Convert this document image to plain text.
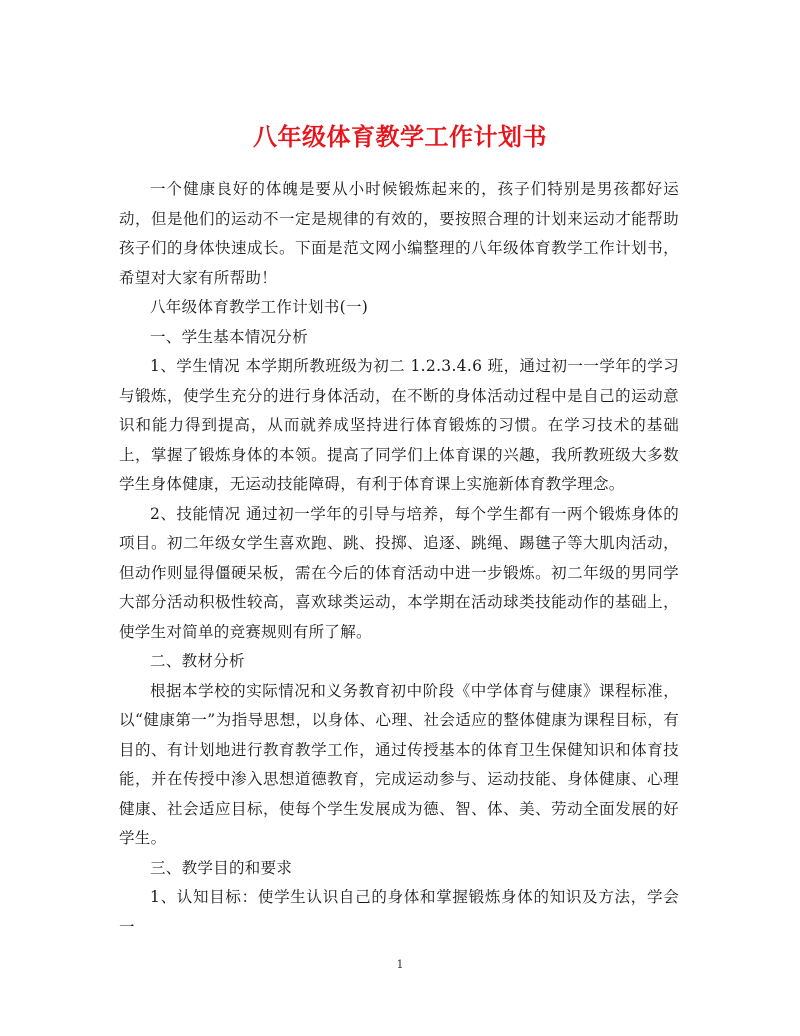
八年级体育教学工作计划书

一个健康良好的体魄是要从小时候锻炼起来的，孩子们特别是男孩都好运动，但是他们的运动不一定是规律的有效的，要按照合理的计划来运动才能帮助孩子们的身体快速成长。下面是范文网小编整理的八年级体育教学工作计划书，希望对大家有所帮助！

八年级体育教学工作计划书(一)

一、学生基本情况分析

1、学生情况 本学期所教班级为初二 1.2.3.4.6 班，通过初一一学年的学习与锻炼，使学生充分的进行身体活动，在不断的身体活动过程中是自己的运动意识和能力得到提高，从而就养成坚持进行体育锻炼的习惯。在学习技术的基础上，掌握了锻炼身体的本领。提高了同学们上体育课的兴趣，我所教班级大多数学生身体健康，无运动技能障碍，有利于体育课上实施新体育教学理念。

2、技能情况 通过初一学年的引导与培养，每个学生都有一两个锻炼身体的项目。初二年级女学生喜欢跑、跳、投掷、追逐、跳绳、踢毽子等大肌肉活动，但动作则显得僵硬呆板，需在今后的体育活动中进一步锻炼。初二年级的男同学大部分活动积极性较高，喜欢球类运动，本学期在活动球类技能动作的基础上，使学生对简单的竞赛规则有所了解。

二、教材分析

根据本学校的实际情况和义务教育初中阶段《中学体育与健康》课程标准，以“健康第一”为指导思想，以身体、心理、社会适应的整体健康为课程目标，有目的、有计划地进行教育教学工作，通过传授基本的体育卫生保健知识和体育技能，并在传授中渗入思想道德教育，完成运动参与、运动技能、身体健康、心理健康、社会适应目标，使每个学生发展成为德、智、体、美、劳动全面发展的好学生。

三、教学目的和要求

1、认知目标：使学生认识自己的身体和掌握锻炼身体的知识及方法，学会一

1
